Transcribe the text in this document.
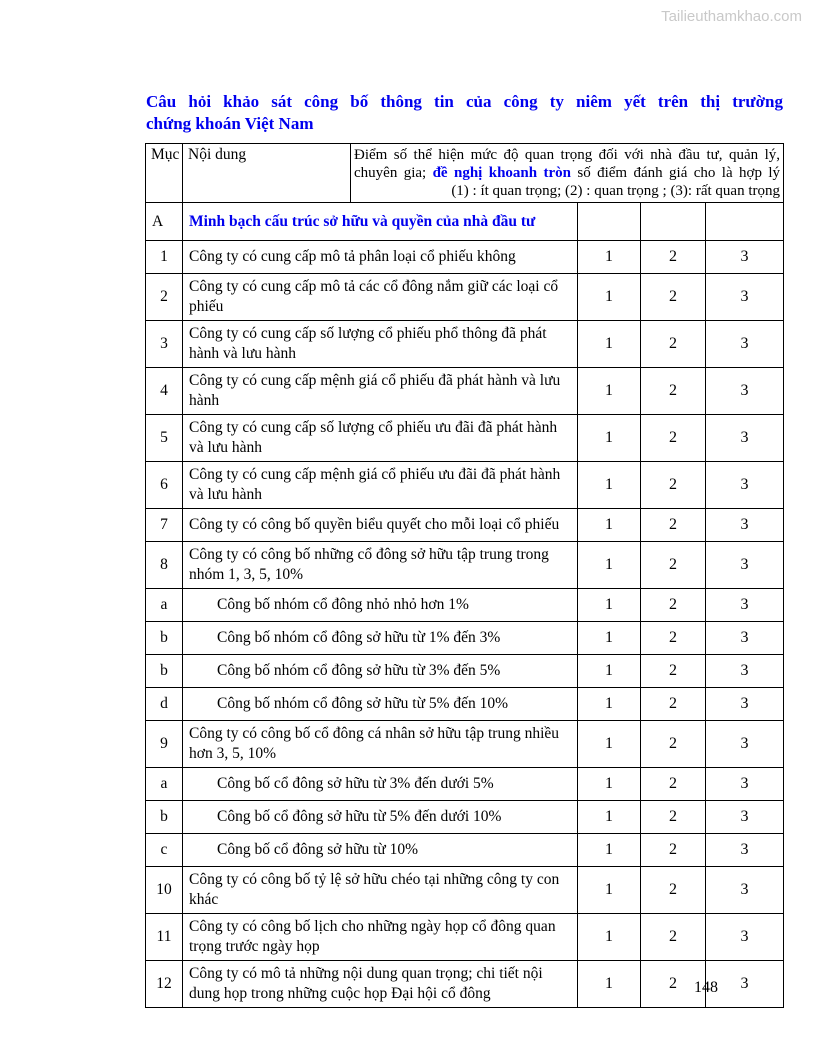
Tailieuthamkhao.com
Câu hỏi khảo sát công bố thông tin của công ty niêm yết trên thị trường
chứng khoán Việt Nam
Mục	Nội dung	Điểm số thể hiện mức độ quan trọng đối với nhà đầu tư, quản lý,
chuyên gia; đề nghị khoanh tròn số điểm đánh giá cho là hợp lý
(1) : ít quan trọng; (2) : quan trọng ; (3): rất quan trọng			

A	Minh bạch cấu trúc sở hữu và quyền của nhà đầu tư				
1	Công ty có cung cấp mô tả phân loại cổ phiếu không		1	2	3
2	Công ty có cung cấp mô tả các cổ đông nắm giữ các loại cổ phiếu		1	2	3
3	Công ty có cung cấp số lượng cổ phiếu phổ thông đã phát hành và lưu hành		1	2	3
4	Công ty có cung cấp mệnh giá cổ phiếu đã phát hành và lưu hành		1	2	3
5	Công ty có cung cấp số lượng cổ phiếu ưu đãi đã phát hành và lưu hành		1	2	3
6	Công ty có cung cấp mệnh giá cổ phiếu ưu đãi đã phát hành và lưu hành		1	2	3
7	Công ty có công bố quyền biểu quyết cho mỗi loại cổ phiếu		1	2	3
8	Công ty có công bố những cổ đông sở hữu tập trung trong nhóm 1, 3, 5, 10%		1	2	3
a	Công bố nhóm cổ đông nhỏ nhỏ hơn 1%		1	2	3
b	Công bố nhóm cổ đông sở hữu từ 1% đến 3%		1	2	3
b	Công bố nhóm cổ đông sở hữu từ 3% đến 5%		1	2	3
d	Công bố nhóm cổ đông sở hữu từ 5% đến 10%		1	2	3
9	Công ty có công bố cổ đông cá nhân sở hữu tập trung nhiều hơn 3, 5, 10%		1	2	3
a	Công bố cổ đông sở hữu từ 3% đến dưới 5%		1	2	3
b	Công bố cổ đông sở hữu từ 5% đến dưới 10%		1	2	3
c	Công bố cổ đông sở hữu từ 10%		1	2	3
10	Công ty có công bố tỷ lệ sở hữu chéo tại những công ty con khác		1	2	3
11	Công ty có công bố lịch cho những ngày họp cổ đông quan trọng trước ngày họp		1	2	3
12	Công ty có mô tả những nội dung quan trọng; chi tiết nội dung họp trong những cuộc họp Đại hội cổ đông		1	2	3
148
